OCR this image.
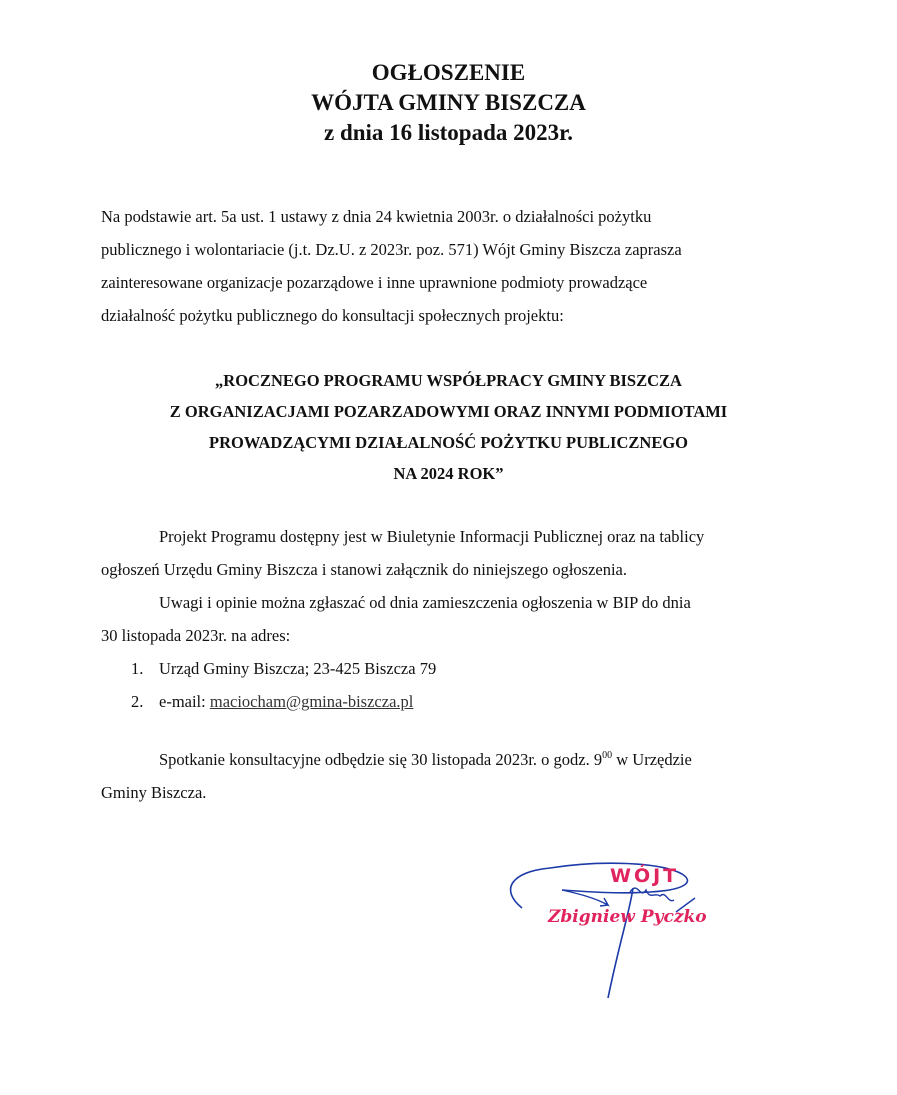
OGŁOSZENIE
WÓJTA GMINY BISZCZA
z dnia 16 listopada 2023r.
Na podstawie art. 5a ust. 1 ustawy z dnia 24 kwietnia 2003r. o działalności pożytku
publicznego i wolontariacie (j.t. Dz.U. z 2023r. poz. 571) Wójt Gminy Biszcza zaprasza
zainteresowane organizacje pozarządowe i inne uprawnione podmioty prowadzące
działalność pożytku publicznego do konsultacji społecznych projektu:
„ROCZNEGO PROGRAMU WSPÓŁPRACY GMINY BISZCZA
Z ORGANIZACJAMI POZARZADOWYMI ORAZ INNYMI PODMIOTAMI
PROWADZĄCYMI DZIAŁALNOŚĆ POŻYTKU PUBLICZNEGO
NA 2024 ROK”
Projekt Programu dostępny jest w Biuletynie Informacji Publicznej oraz na tablicy
ogłoszeń Urzędu Gminy Biszcza i stanowi załącznik do niniejszego ogłoszenia.
Uwagi i opinie można zgłaszać od dnia zamieszczenia ogłoszenia w BIP do dnia
30 listopada 2023r. na adres:
1. Urząd Gminy Biszcza; 23-425 Biszcza 79
2. e-mail: maciocham@gmina-biszcza.pl
Spotkanie konsultacyjne odbędzie się 30 listopada 2023r. o godz. $9^{00}$ w Urzędzie
Gminy Biszcza.
WÓJT
Zbigniew Pyczko
